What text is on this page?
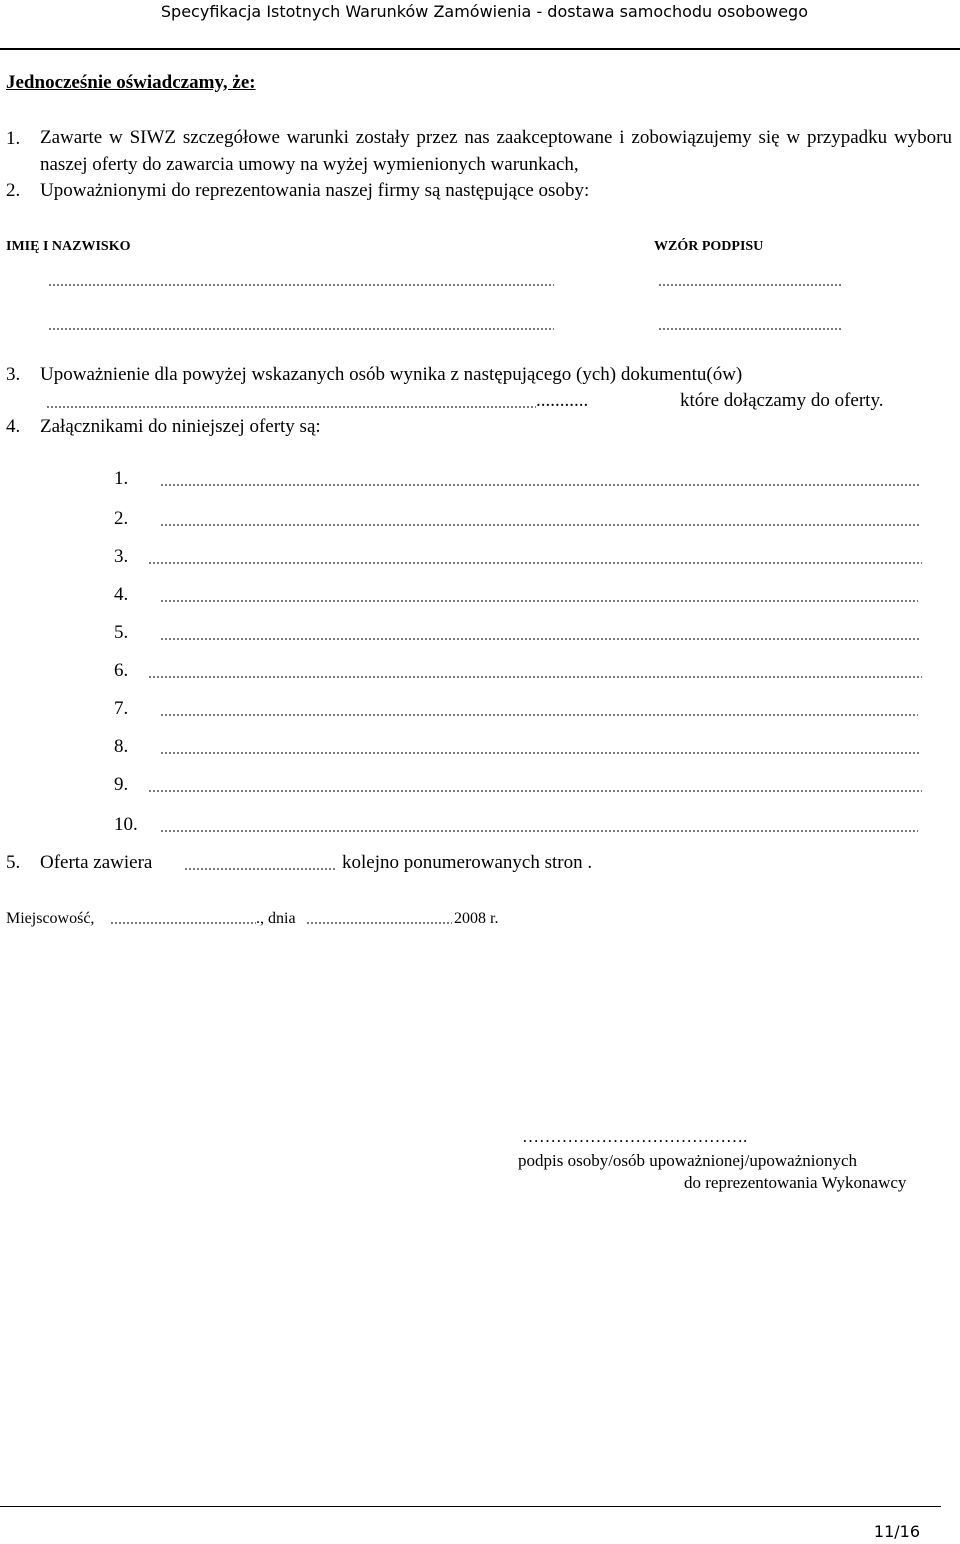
Specyfikacja Istotnych Warunków Zamówienia - dostawa samochodu osobowego
Jednocześnie oświadczamy, że:
1. Zawarte w SIWZ szczegółowe warunki zostały przez nas zaakceptowane i zobowiązujemy się w przypadku wyboru naszej oferty do zawarcia umowy na wyżej wymienionych warunkach,
2. Upoważnionymi do reprezentowania naszej firmy są następujące osoby:
IMIĘ I NAZWISKO	WZÓR PODPISU
3. Upoważnienie dla powyżej wskazanych osób wynika z następującego (ych) dokumentu(ów)
...........	które dołączamy do oferty.
4. Załącznikami do niniejszej oferty są:
1.
2.
3.
4.
5.
6.
7.
8.
9.
10.
5. Oferta zawiera	kolejno ponumerowanych stron .
Miejscowość,	., dnia	2008 r.
………………………………….
podpis osoby/osób upoważnionej/upoważnionych
do reprezentowania Wykonawcy
11/16
